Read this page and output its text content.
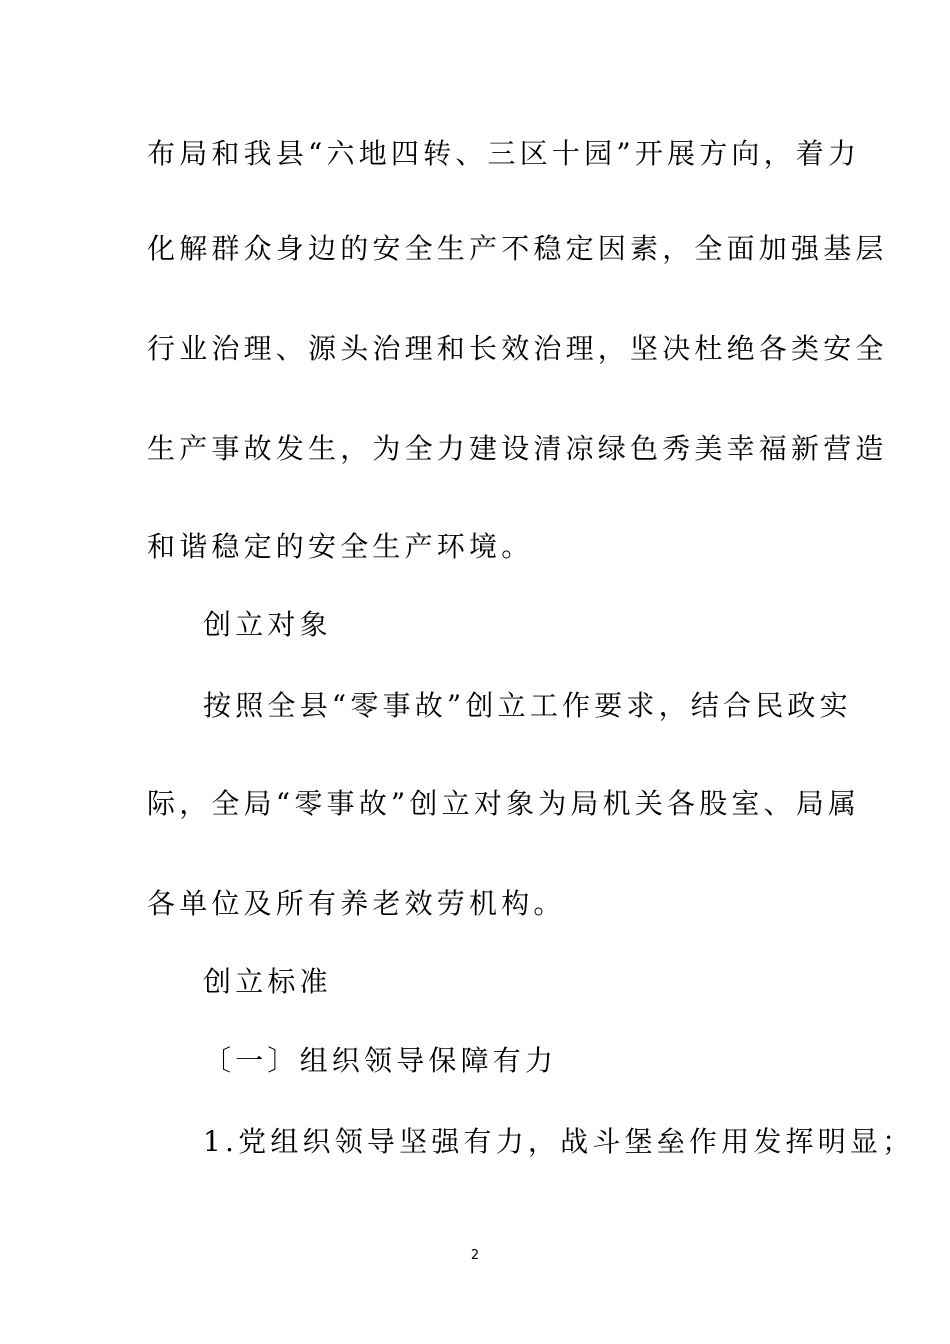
布局和我县“六地四转、三区十园”开展方向，着力
化解群众身边的安全生产不稳定因素，全面加强基层
行业治理、源头治理和长效治理，坚决杜绝各类安全
生产事故发生，为全力建设清凉绿色秀美幸福新营造
和谐稳定的安全生产环境。
创立对象
按照全县“零事故”创立工作要求，结合民政实
际，全局“零事故”创立对象为局机关各股室、局属
各单位及所有养老效劳机构。
创立标准
〔一〕组织领导保障有力
1.党组织领导坚强有力，战斗堡垒作用发挥明显；
2
